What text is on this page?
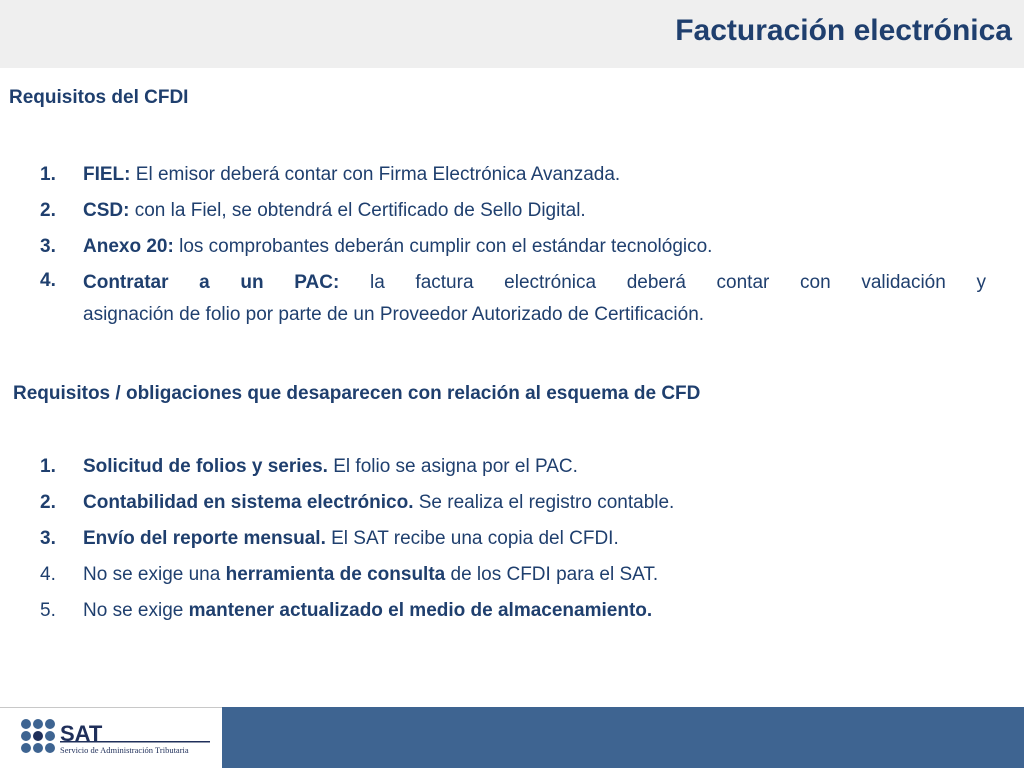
Facturación electrónica
Requisitos del CFDI
1.	FIEL: El emisor deberá contar con Firma Electrónica Avanzada.
2.	CSD: con la Fiel, se obtendrá el Certificado de Sello Digital.
3.	Anexo 20: los comprobantes deberán cumplir con el estándar tecnológico.
4.	Contratar a un PAC: la factura electrónica deberá contar con validación y
asignación de folio por parte de un Proveedor Autorizado de Certificación.
Requisitos / obligaciones que desaparecen con relación al esquema de CFD
1.	Solicitud de folios y series. El folio se asigna por el PAC.
2.	Contabilidad en sistema electrónico. Se realiza el registro contable.
3.	Envío del reporte mensual. El SAT recibe una copia del CFDI.
4.	No se exige una herramienta de consulta de los CFDI para el SAT.
5.	No se exige mantener actualizado el medio de almacenamiento.
SAT
Servicio de Administración Tributaria
